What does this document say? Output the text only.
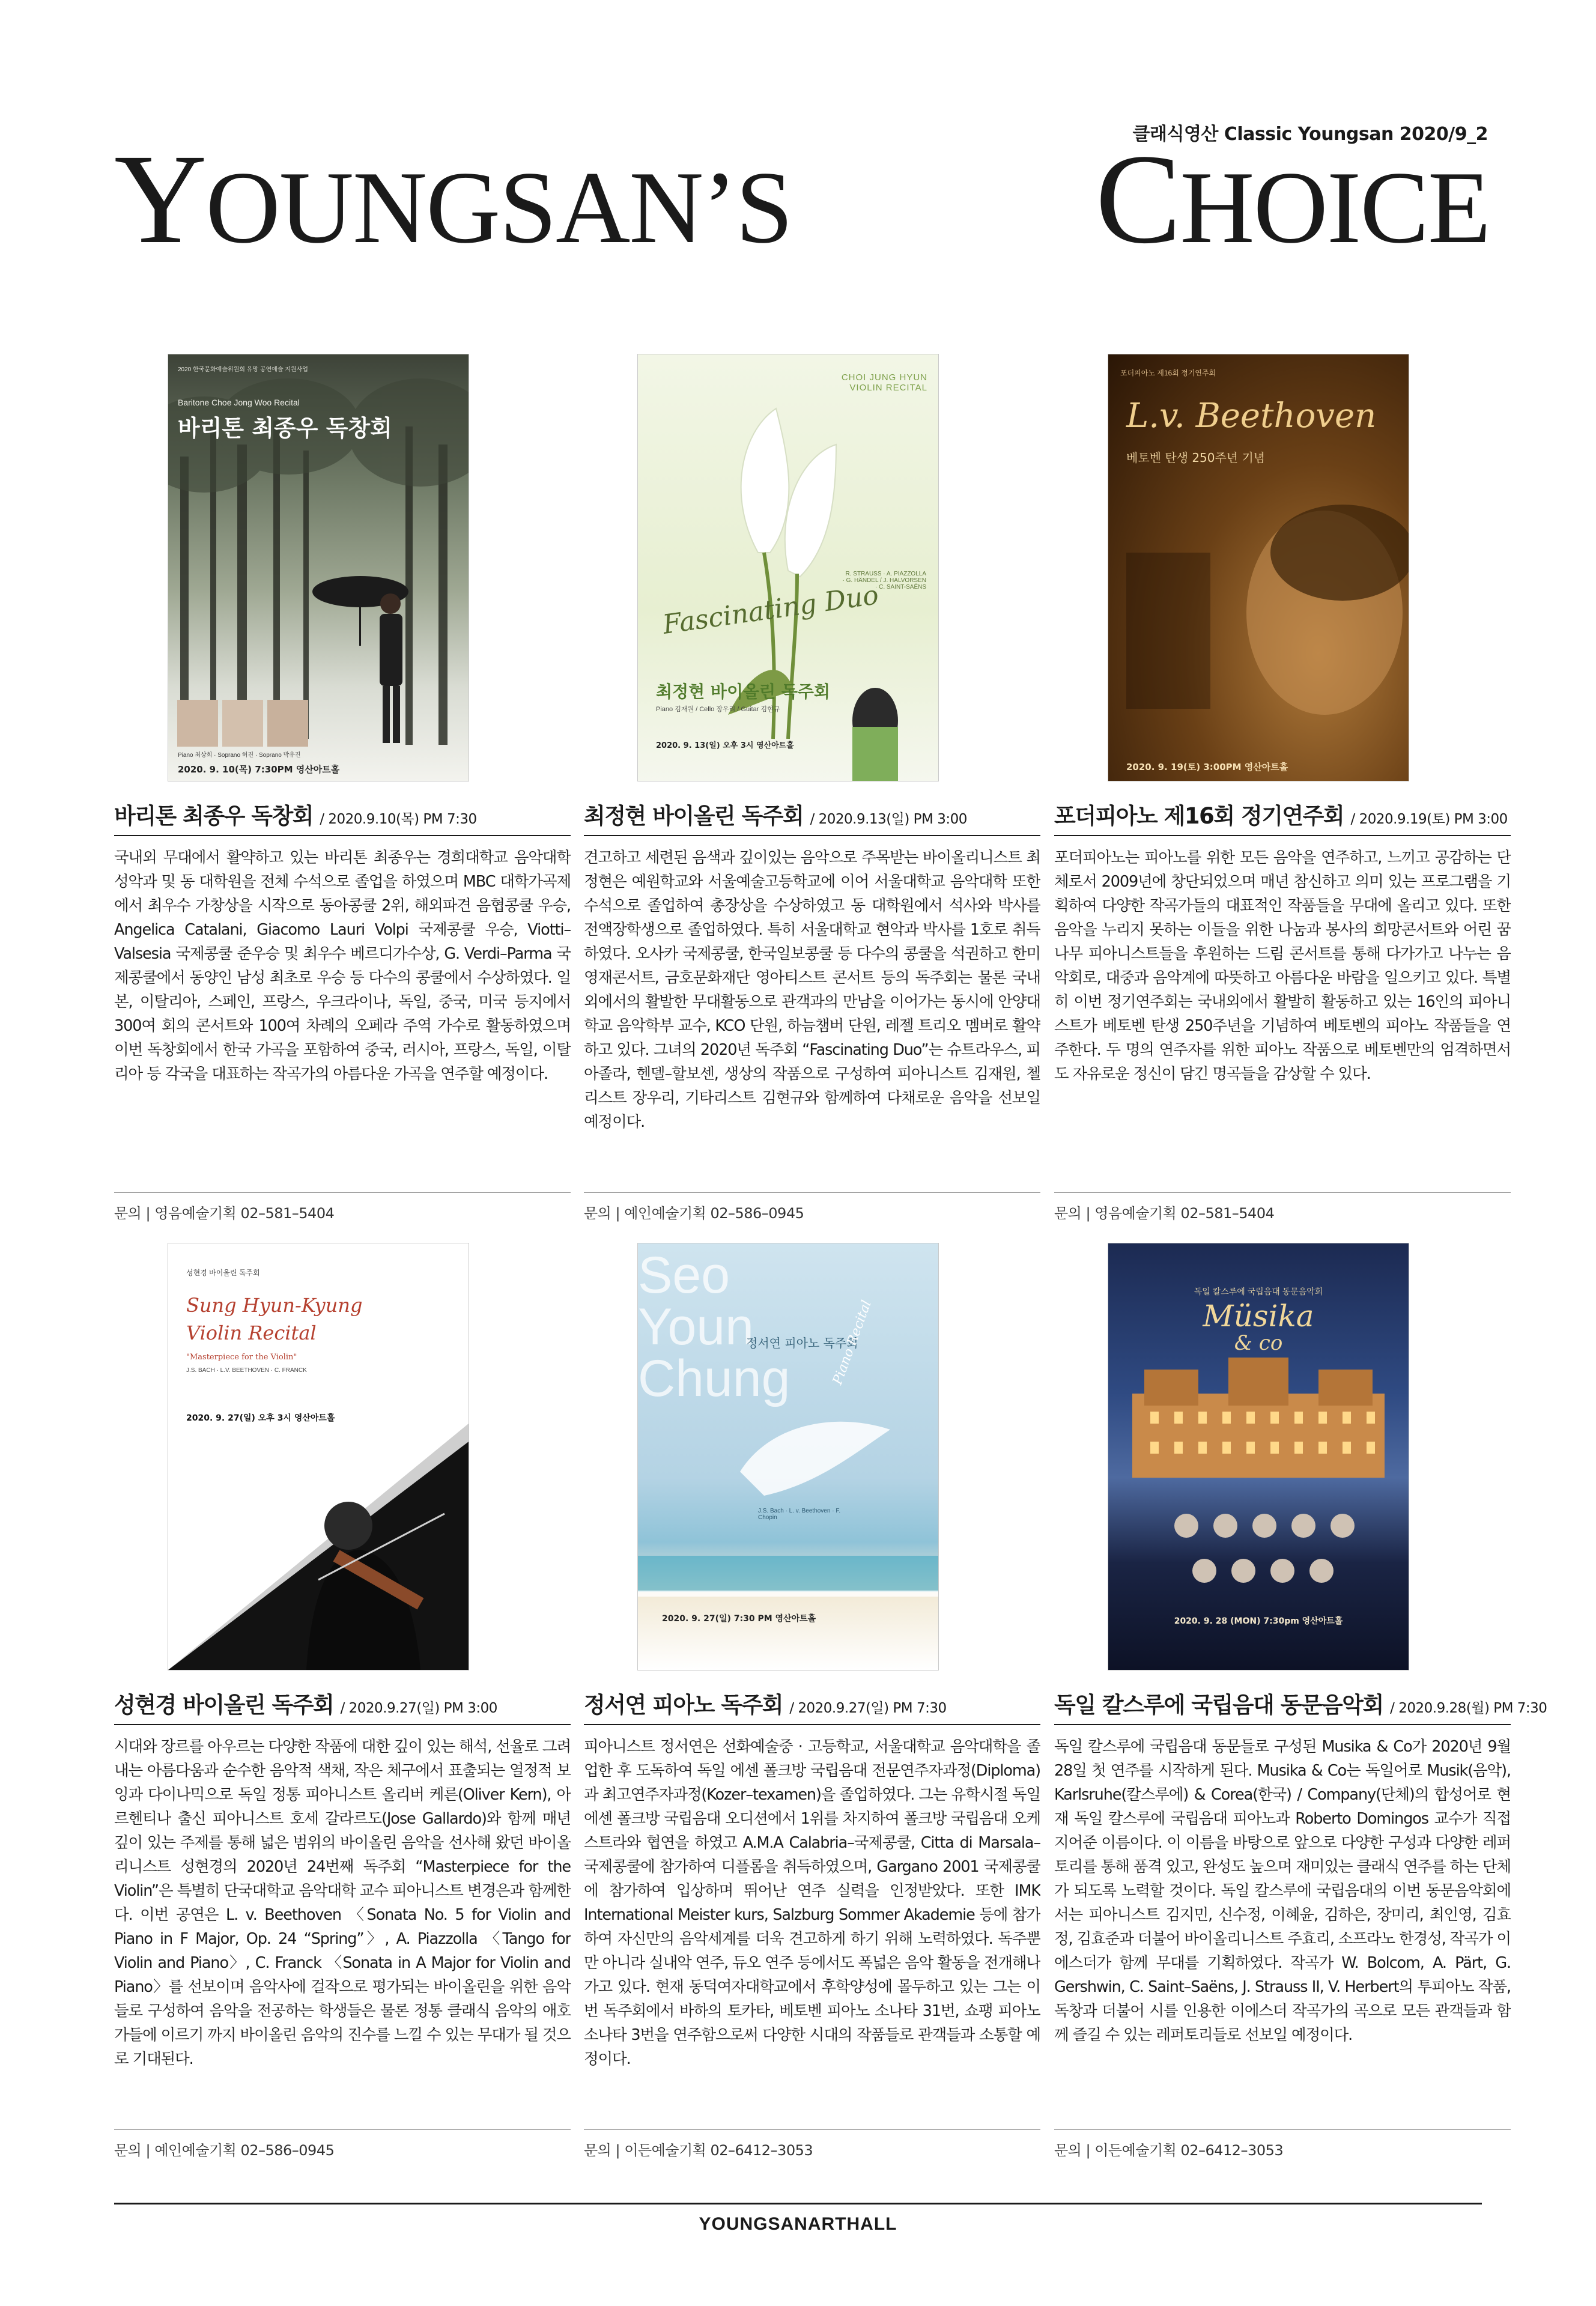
클래식영산 Classic Youngsan 2020/9_2
YOUNGSAN’S CHOICE
2020 한국문화예술위원회 유망 공연예술 지원사업
Baritone Choe Jong Woo Recital
바리톤 최종우 독창회
Piano 최상희 · Soprano 허진 · Soprano 박유진
2020. 9. 10(목) 7:30PM 영산아트홀
바리톤 최종우 독창회 / 2020.9.10(목) PM 7:30
국내외 무대에서 활약하고 있는 바리톤 최종우는 경희대학교 음악대학 성악과 및 동 대학원을 전체 수석으로 졸업을 하였으며 MBC 대학가곡제에서 최우수 가창상을 시작으로 동아콩쿨 2위, 해외파견 음협콩쿨 우승, Angelica Catalani, Giacomo Lauri Volpi 국제콩쿨 우승, Viotti–Valsesia 국제콩쿨 준우승 및 최우수 베르디가수상, G. Verdi–Parma 국제콩쿨에서 동양인 남성 최초로 우승 등 다수의 콩쿨에서 수상하였다. 일본, 이탈리아, 스페인, 프랑스, 우크라이나, 독일, 중국, 미국 등지에서 300여 회의 콘서트와 100여 차례의 오페라 주역 가수로 활동하였으며 이번 독창회에서 한국 가곡을 포함하여 중국, 러시아, 프랑스, 독일, 이탈리아 등 각국을 대표하는 작곡가의 아름다운 가곡을 연주할 예정이다.
문의 | 영음예술기획 02–581–5404
CHOI JUNG HYUN VIOLIN RECITAL
Fascinating Duo
R. STRAUSS · A. PIAZZOLLA · G. HÄNDEL / J. HALVORSEN · C. SAINT-SAËNS
최정현 바이올린 독주회
Piano 김재원 / Cello 장우리 / Guitar 김현규
2020. 9. 13(일) 오후 3시 영산아트홀
최정현 바이올린 독주회 / 2020.9.13(일) PM 3:00
견고하고 세련된 음색과 깊이있는 음악으로 주목받는 바이올리니스트 최정현은 예원학교와 서울예술고등학교에 이어 서울대학교 음악대학 또한 수석으로 졸업하여 총장상을 수상하였고 동 대학원에서 석사와 박사를 전액장학생으로 졸업하였다. 특히 서울대학교 현악과 박사를 1호로 취득하였다. 오사카 국제콩쿨, 한국일보콩쿨 등 다수의 콩쿨을 석권하고 한미 영재콘서트, 금호문화재단 영아티스트 콘서트 등의 독주회는 물론 국내외에서의 활발한 무대활동으로 관객과의 만남을 이어가는 동시에 안양대학교 음악학부 교수, KCO 단원, 하늠챔버 단원, 레젤 트리오 멤버로 활약하고 있다. 그녀의 2020년 독주회 “Fascinating Duo”는 슈트라우스, 피아졸라, 헨델–할보센, 생상의 작품으로 구성하여 피아니스트 김재원, 첼리스트 장우리, 기타리스트 김현규와 함께하여 다채로운 음악을 선보일 예정이다.
문의 | 예인예술기획 02–586–0945
포더피아노 제16회 정기연주회
L.v. Beethoven
베토벤 탄생 250주년 기념
2020. 9. 19(토) 3:00PM 영산아트홀
포더피아노 제16회 정기연주회 / 2020.9.19(토) PM 3:00
포더피아노는 피아노를 위한 모든 음악을 연주하고, 느끼고 공감하는 단체로서 2009년에 창단되었으며 매년 참신하고 의미 있는 프로그램을 기획하여 다양한 작곡가들의 대표적인 작품들을 무대에 올리고 있다. 또한 음악을 누리지 못하는 이들을 위한 나눔과 봉사의 희망콘서트와 어린 꿈나무 피아니스트들을 후원하는 드림 콘서트를 통해 다가가고 나누는 음악회로, 대중과 음악계에 따뜻하고 아름다운 바람을 일으키고 있다. 특별히 이번 정기연주회는 국내외에서 활발히 활동하고 있는 16인의 피아니스트가 베토벤 탄생 250주년을 기념하여 베토벤의 피아노 작품들을 연주한다. 두 명의 연주자를 위한 피아노 작품으로 베토벤만의 엄격하면서도 자유로운 정신이 담긴 명곡들을 감상할 수 있다.
문의 | 영음예술기획 02–581–5404
성현경 바이올린 독주회
Sung Hyun-Kyung Violin Recital
"Masterpiece for the Violin"
J.S. BACH · L.V. BEETHOVEN · C. FRANCK
2020. 9. 27(일) 오후 3시 영산아트홀
성현경 바이올린 독주회 / 2020.9.27(일) PM 3:00
시대와 장르를 아우르는 다양한 작품에 대한 깊이 있는 해석, 선율로 그려내는 아름다움과 순수한 음악적 색채, 작은 체구에서 표출되는 열정적 보잉과 다이나믹으로 독일 정통 피아니스트 올리버 케른(Oliver Kern), 아르헨티나 출신 피아니스트 호세 갈라르도(Jose Gallardo)와 함께 매년 깊이 있는 주제를 통해 넓은 범위의 바이올린 음악을 선사해 왔던 바이올리니스트 성현경의 2020년 24번째 독주회 “Masterpiece for the Violin”은 특별히 단국대학교 음악대학 교수 피아니스트 변경은과 함께한다. 이번 공연은 L. v. Beethoven 〈Sonata No. 5 for Violin and Piano in F Major, Op. 24 “Spring”〉, A. Piazzolla 〈Tango for Violin and Piano〉, C. Franck 〈Sonata in A Major for Violin and Piano〉를 선보이며 음악사에 걸작으로 평가되는 바이올린을 위한 음악들로 구성하여 음악을 전공하는 학생들은 물론 정통 클래식 음악의 애호가들에 이르기 까지 바이올린 음악의 진수를 느낄 수 있는 무대가 될 것으로 기대된다.
문의 | 예인예술기획 02–586–0945
Seo
Youn
Chung
정서연 피아노 독주회
Piano Recital
J.S. Bach · L. v. Beethoven · F. Chopin
2020. 9. 27(일) 7:30 PM 영산아트홀
정서연 피아노 독주회 / 2020.9.27(일) PM 7:30
피아니스트 정서연은 선화예술중 · 고등학교, 서울대학교 음악대학을 졸업한 후 도독하여 독일 에센 폴크방 국립음대 전문연주자과정(Diploma)과 최고연주자과정(Kozer–texamen)을 졸업하였다. 그는 유학시절 독일 에센 폴크방 국립음대 오디션에서 1위를 차지하여 폴크방 국립음대 오케스트라와 협연을 하였고 A.M.A Calabria–국제콩쿨, Citta di Marsala–국제콩쿨에 참가하여 디플롬을 취득하였으며, Gargano 2001 국제콩쿨에 참가하여 입상하며 뛰어난 연주 실력을 인정받았다. 또한 IMK International Meister kurs, Salzburg Sommer Akademie 등에 참가하여 자신만의 음악세계를 더욱 견고하게 하기 위해 노력하였다. 독주뿐만 아니라 실내악 연주, 듀오 연주 등에서도 폭넓은 음악 활동을 전개해나가고 있다. 현재 동덕여자대학교에서 후학양성에 몰두하고 있는 그는 이번 독주회에서 바하의 토카타, 베토벤 피아노 소나타 31번, 쇼팽 피아노 소나타 3번을 연주함으로써 다양한 시대의 작품들로 관객들과 소통할 예정이다.
문의 | 이든예술기획 02–6412–3053
독일 칼스루에 국립음대 동문음악회
Müsika
& co
2020. 9. 28 (MON) 7:30pm 영산아트홀
독일 칼스루에 국립음대 동문음악회 / 2020.9.28(월) PM 7:30
독일 칼스루에 국립음대 동문들로 구성된 Musika & Co가 2020년 9월 28일 첫 연주를 시작하게 된다. Musika & Co는 독일어로 Musik(음악), Karlsruhe(칼스루에) & Corea(한국) / Company(단체)의 합성어로 현재 독일 칼스루에 국립음대 피아노과 Roberto Domingos 교수가 직접 지어준 이름이다. 이 이름을 바탕으로 앞으로 다양한 구성과 다양한 레퍼토리를 통해 품격 있고, 완성도 높으며 재미있는 클래식 연주를 하는 단체가 되도록 노력할 것이다. 독일 칼스루에 국립음대의 이번 동문음악회에서는 피아니스트 김지민, 신수정, 이혜윤, 김하은, 장미리, 최인영, 김효정, 김효준과 더불어 바이올리니스트 주효리, 소프라노 한경성, 작곡가 이에스더가 함께 무대를 기획하였다. 작곡가 W. Bolcom, A. Pärt, G. Gershwin, C. Saint–Saëns, J. Strauss II, V. Herbert의 투피아노 작품, 독창과 더불어 시를 인용한 이에스더 작곡가의 곡으로 모든 관객들과 함께 즐길 수 있는 레퍼토리들로 선보일 예정이다.
문의 | 이든예술기획 02–6412–3053
YOUNGSANARTHALL
